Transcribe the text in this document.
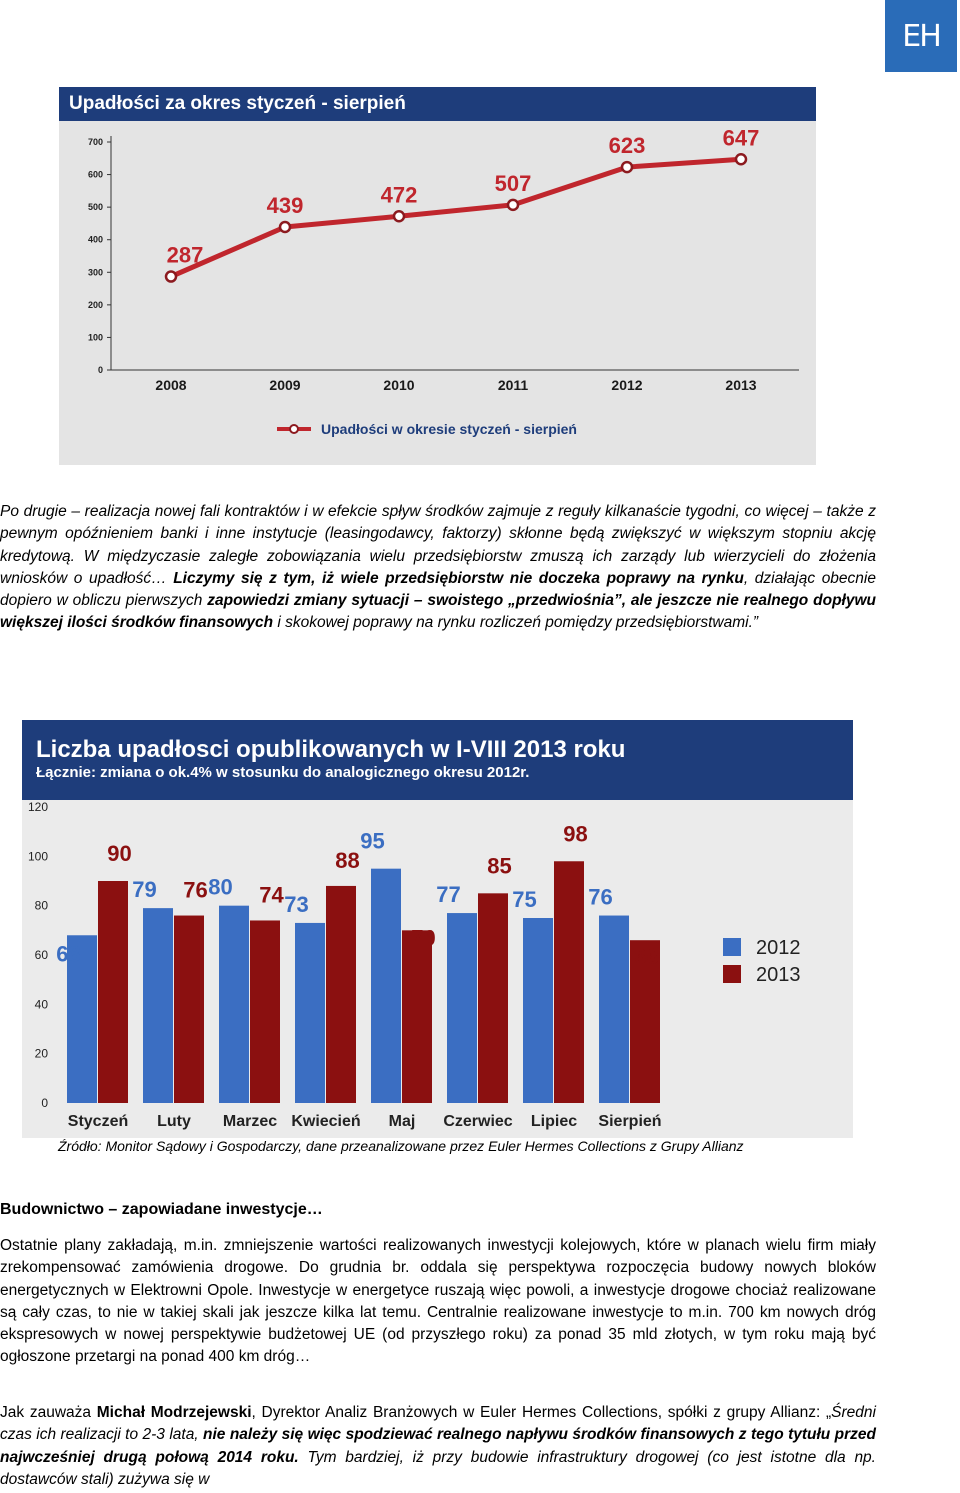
EH
Upadłości za okres styczeń - sierpień
700
600
500
400
300
200
100
0
2008	2009	2010	2011	2012	2013
287
439	472	507
623	647
Upadłości w okresie styczeń - sierpień
Po drugie – realizacja nowej fali kontraktów i w efekcie spływ środków zajmuje z reguły kilkanaście tygodni, co więcej – także z pewnym opóźnieniem banki i inne instytucje (leasingodawcy, faktorzy) skłonne będą zwiększyć w większym stopniu akcję kredytową. W międzyczasie zaległe zobowiązania wielu przedsiębiorstw zmuszą ich zarządy lub wierzycieli do złożenia wniosków o upadłość… Liczymy się z tym, iż wiele przedsiębiorstw nie doczeka poprawy na rynku, działając obecnie dopiero w obliczu pierwszych zapowiedzi zmiany sytuacji – swoistego „przedwiośnia”, ale jeszcze nie realnego dopływu większej ilości środków finansowych i skokowej poprawy na rynku rozliczeń pomiędzy przedsiębiorstwami.”
120
100
80
60
40
20
0
68
90
Styczeń
79 76
Luty
80 74
Marzec
73
88
Kwiecień
95
70
Maj
77
85
Czerwiec
75
98
Lipiec
76
66
Sierpień
2012
2013
Liczba upadłosci opublikowanych w I-VIII 2013 roku
Łącznie: zmiana o ok.4% w stosunku do analogicznego okresu 2012r.
Źródło: Monitor Sądowy i Gospodarczy, dane przeanalizowane przez Euler Hermes Collections z Grupy Allianz
Budownictwo – zapowiadane inwestycje…
Ostatnie plany zakładają, m.in. zmniejszenie wartości realizowanych inwestycji kolejowych, które w planach wielu firm miały zrekompensować zamówienia drogowe. Do grudnia br. oddala się perspektywa rozpoczęcia budowy nowych bloków energetycznych w Elektrowni Opole. Inwestycje w energetyce ruszają więc powoli, a inwestycje drogowe chociaż realizowane są cały czas, to nie w takiej skali jak jeszcze kilka lat temu. Centralnie realizowane inwestycje to m.in. 700 km nowych dróg ekspresowych w nowej perspektywie budżetowej UE (od przyszłego roku) za ponad 35 mld złotych, w tym roku mają być ogłoszone przetargi na ponad 400 km dróg…
Jak zauważa Michał Modrzejewski, Dyrektor Analiz Branżowych w Euler Hermes Collections, spółki z grupy Allianz: „Średni czas ich realizacji to 2-3 lata, nie należy się więc spodziewać realnego napływu środków finansowych z tego tytułu przed najwcześniej drugą połową 2014 roku. Tym bardziej, iż przy budowie infrastruktury drogowej (co jest istotne dla np. dostawców stali) zużywa się w
